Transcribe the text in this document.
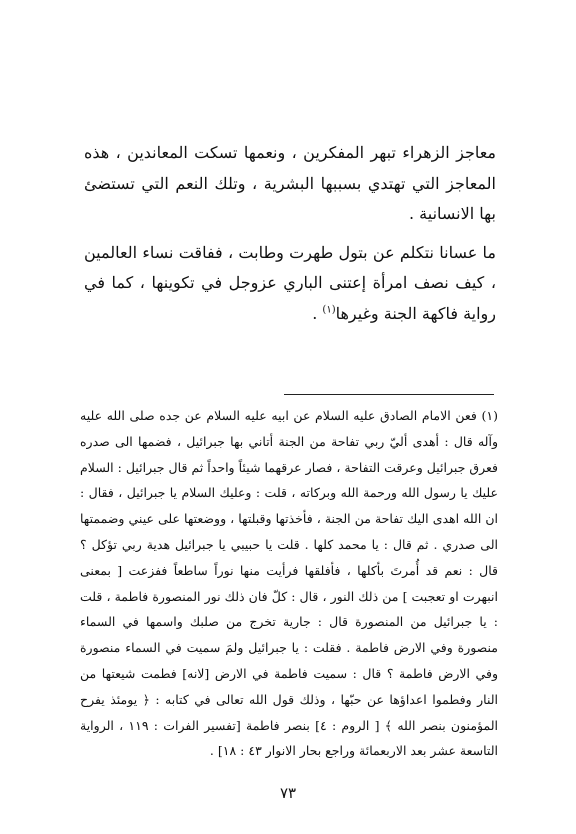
معاجز الزهراء تبهر المفكرين ، ونعمها تسكت المعاندين ، هذه المعاجز التي تهتدي بسببها البشرية ، وتلك النعم التي تستضئ بها الانسانية .

ما عسانا نتكلم عن بتول طهرت وطابت ، ففاقت نساء العالمين ، كيف نصف امرأة إعتنى الباري عزوجل في تكوينها ، كما في رواية فاكهة الجنة وغيرها$^{(١)}$ .

(١) فعن الامام الصادق عليه السلام عن ابيه عليه السلام عن جده صلى الله عليه وآله قال : أهدى أليّ ربي تفاحة من الجنة أتاني بها جبرائيل ، فضمها الى صدره فعرق جبرائيل وعرقت التفاحة ، فصار عرقهما شيئاً واحداً ثم قال جبرائيل : السلام عليك يا رسول الله ورحمة الله وبركاته ، قلت : وعليك السلام يا جبرائيل ، فقال : ان الله اهدى اليك تفاحة من الجنة ، فأخذتها وقبلتها ، ووضعتها على عيني وضممتها الى صدري . ثم قال : يا محمد كلها . قلت يا حبيبي يا جبرائيل هدية ربي تؤكل ؟ قال : نعم قد أُمرتَ بأكلها ، فأفلقها فرأيت منها نوراً ساطعاً ففزعت [ بمعنى انبهرت او تعجبت ] من ذلك النور ، قال : كلّ فان ذلك نور المنصورة فاطمة ، قلت : يا جبرائيل من المنصورة قال : جارية تخرج من صلبك واسمها في السماء منصورة وفي الارض فاطمة . فقلت : يا جبرائيل ولمَ سميت في السماء منصورة وفي الارض فاطمة ؟ قال : سميت فاطمة في الارض [لانه] فطمت شيعتها من النار وفطموا اعداؤها عن حبّها ، وذلك قول الله تعالى في كتابه : ﴿ يومئذ يفرح المؤمنون بنصر الله ﴾ [ الروم : ٤] بنصر فاطمة [تفسير الفرات : ١١٩ ، الرواية التاسعة عشر بعد الاربعمائة وراجع بحار الانوار ٤٣ : ١٨] .

٧٣
